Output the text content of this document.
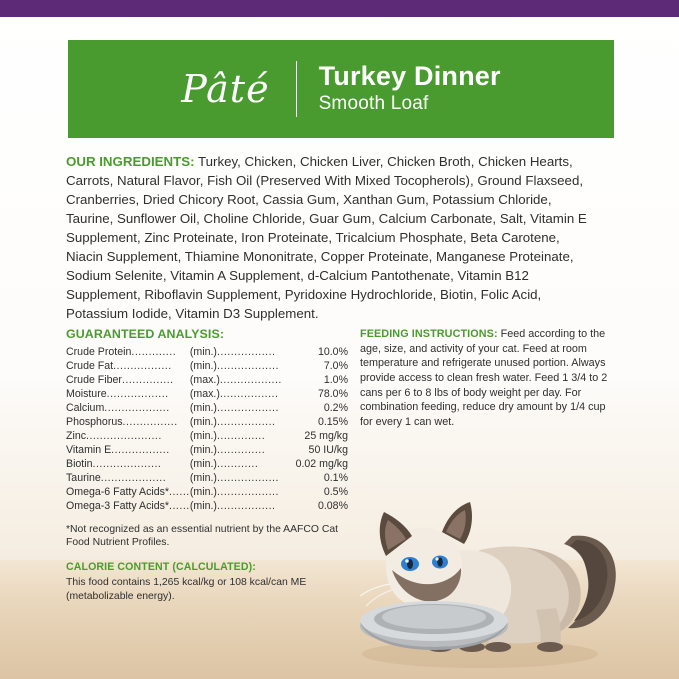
Pâté Turkey Dinner
Smooth Loaf
OUR INGREDIENTS: Turkey, Chicken, Chicken Liver, Chicken Broth, Chicken Hearts, Carrots, Natural Flavor, Fish Oil (Preserved With Mixed Tocopherols), Ground Flaxseed, Cranberries, Dried Chicory Root, Cassia Gum, Xanthan Gum, Potassium Chloride, Taurine, Sunflower Oil, Choline Chloride, Guar Gum, Calcium Carbonate, Salt, Vitamin E Supplement, Zinc Proteinate, Iron Proteinate, Tricalcium Phosphate, Beta Carotene, Niacin Supplement, Thiamine Mononitrate, Copper Proteinate, Manganese Proteinate, Sodium Selenite, Vitamin A Supplement, d-Calcium Pantothenate, Vitamin B12 Supplement, Riboflavin Supplement, Pyridoxine Hydrochloride, Biotin, Folic Acid, Potassium Iodide, Vitamin D3 Supplement.
GUARANTEED ANALYSIS:
Crude Protein.............	(min.).................	10.0%
Crude Fat.................	(min.)..................	7.0%
Crude Fiber...............	(max.)..................	1.0%
Moisture..................	(max.).................	78.0%
Calcium...................	(min.)..................	0.2%
Phosphorus................	(min.).................	0.15%
Zinc......................	(min.)..............	25 mg/kg
Vitamin E.................	(min.)..............	50 IU/kg
Biotin....................	(min.)............	0.02 mg/kg
Taurine...................	(min.)..................	0.1%
Omega-6 Fatty Acids*......	(min.)..................	0.5%
Omega-3 Fatty Acids*......	(min.).................	0.08%
*Not recognized as an essential nutrient by the AAFCO Cat Food Nutrient Profiles.
CALORIE CONTENT (CALCULATED):
This food contains 1,265 kcal/kg or 108 kcal/can ME (metabolizable energy).
FEEDING INSTRUCTIONS: Feed according to the age, size, and activity of your cat. Feed at room temperature and refrigerate unused portion. Always provide access to clean fresh water. Feed 1 3/4 to 2 cans per 6 to 8 lbs of body weight per day. For combination feeding, reduce dry amount by 1/4 cup for every 1 can wet.
